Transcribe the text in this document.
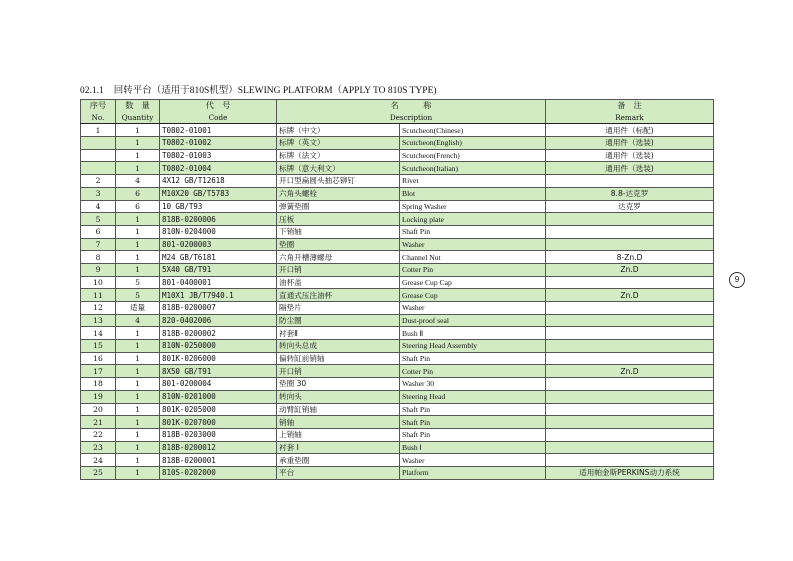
02.1.1 回转平台（适用于810S机型）SLEWING PLATFORM（APPLY TO 810S TYPE)
序号	数　量	代　号	名　　　称		备　注
No.	Quantity	Code	Description		Remark
1	1	T0802-01001	标牌（中文）	Scutcheon(Chinese)	通用件（标配)
	1	T0802-01002	标牌（英文）	Scutcheon(English)	通用件（选装)
	1	T0802-01003	标牌（法文）	Scutcheon(French)	通用件（选装)
	1	T0802-01004	标牌（意大利文）	Scutcheon(Italian)	通用件（选装)
2	4	4X12 GB/T12618	开口型扁圆头抽芯铆钉	Rivet	
3	6	M10X20 GB/T5783	六角头螺栓	Blot	8.8-达克罗
4	6	10 GB/T93	弹簧垫圈	Spring Washer	达克罗
5	1	818B-0200006	压板	Locking plate	
6	1	810N-0204000	下销轴	Shaft Pin	
7	1	801-0200003	垫圈	Washer	
8	1	M24 GB/T6181	六角开槽薄螺母	Channel Nut	8-Zn.D
9	1	5X40 GB/T91	开口销	Cotter Pin	Zn.D
10	5	801-0400001	油杯盖	Grease Cup Cap	
11	5	M10X1 JB/T7940.1	直通式压注油杯	Grease Cup	Zn.D
12	适量	818B-0200007	隔垫片	Washer	
13	4	820-0402006	防尘圈	Dust-proof seal	
14	1	818B-0200002	衬套Ⅱ	Bush Ⅱ	
15	1	810N-0250000	转向头总成	Steering Head Assembly	
16	1	801K-0206000	偏转缸前销轴	Shaft Pin	
17	1	8X50 GB/T91	开口销	Cotter Pin	Zn.D
18	1	801-0200004	垫圈 30	Washer 30	
19	1	810N-0201000	转向头	Steering Head	
20	1	801K-0205000	动臂缸销轴	Shaft Pin	
21	1	801K-0207000	销轴	Shaft Pin	
22	1	818B-0203000	上销轴	Shaft Pin	
23	1	818B-0200012	衬套 Ⅰ	Bush Ⅰ	
24	1	818B-0200001	承重垫圈	Washer	
25	1	810S-0202000	平台	Platform	适用帕金斯PERKINS动力系统
9
